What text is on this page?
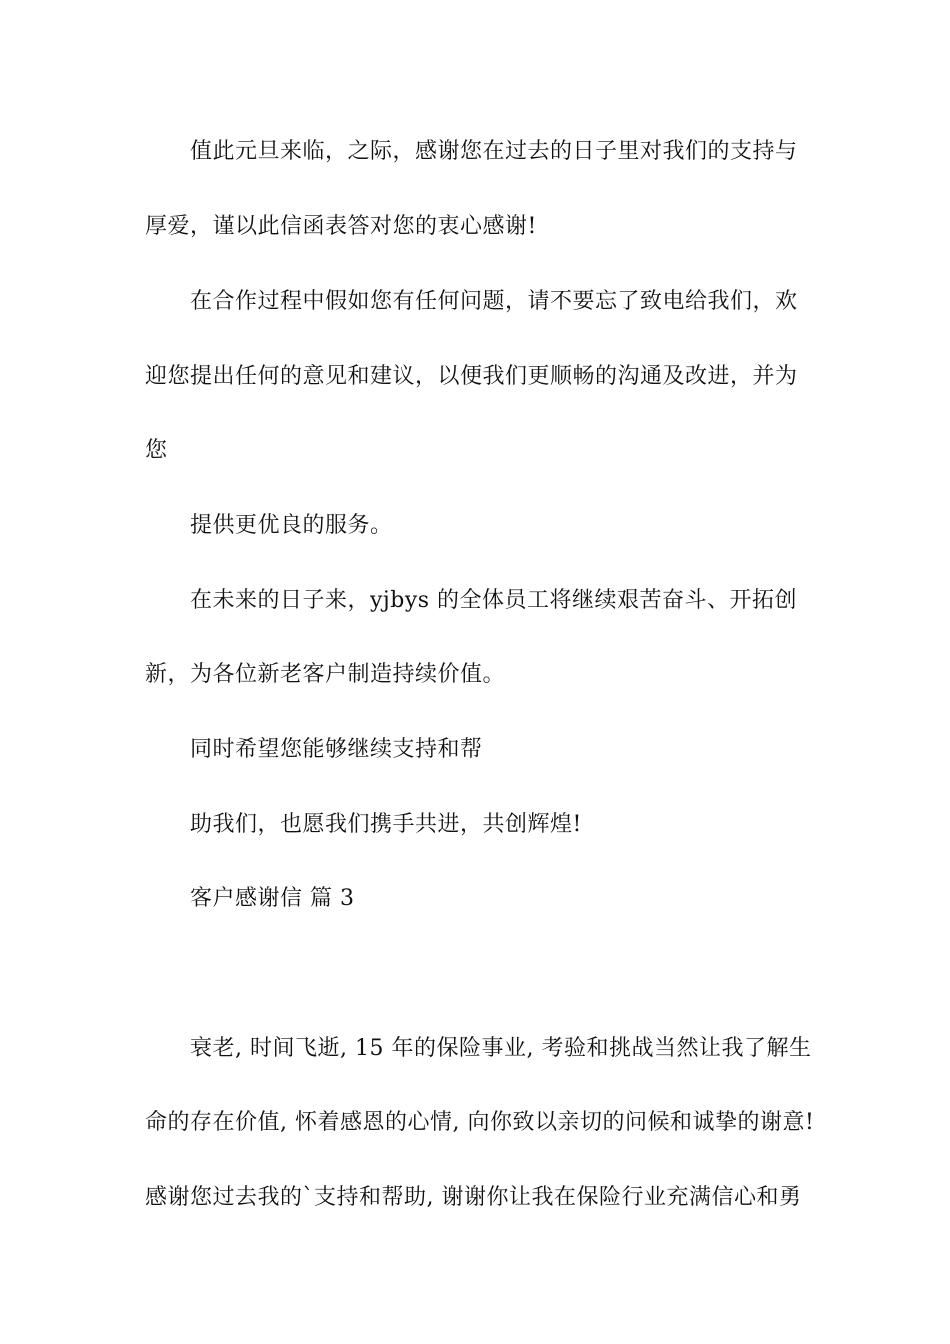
值此元旦来临，之际，感谢您在过去的日子里对我们的支持与
厚爱，谨以此信函表答对您的衷心感谢!
在合作过程中假如您有任何问题，请不要忘了致电给我们，欢
迎您提出任何的意见和建议，以便我们更顺畅的沟通及改进，并为
您
提供更优良的服务。
在未来的日子来，yjbys 的全体员工将继续艰苦奋斗、开拓创
新，为各位新老客户制造持续价值。
同时希望您能够继续支持和帮
助我们，也愿我们携手共进，共创辉煌!
客户感谢信 篇 3
衰老, 时间飞逝, 15 年的保险事业, 考验和挑战当然让我了解生
命的存在价值, 怀着感恩的心情, 向你致以亲切的问候和诚挚的谢意!
感谢您过去我的`支持和帮助, 谢谢你让我在保险行业充满信心和勇
